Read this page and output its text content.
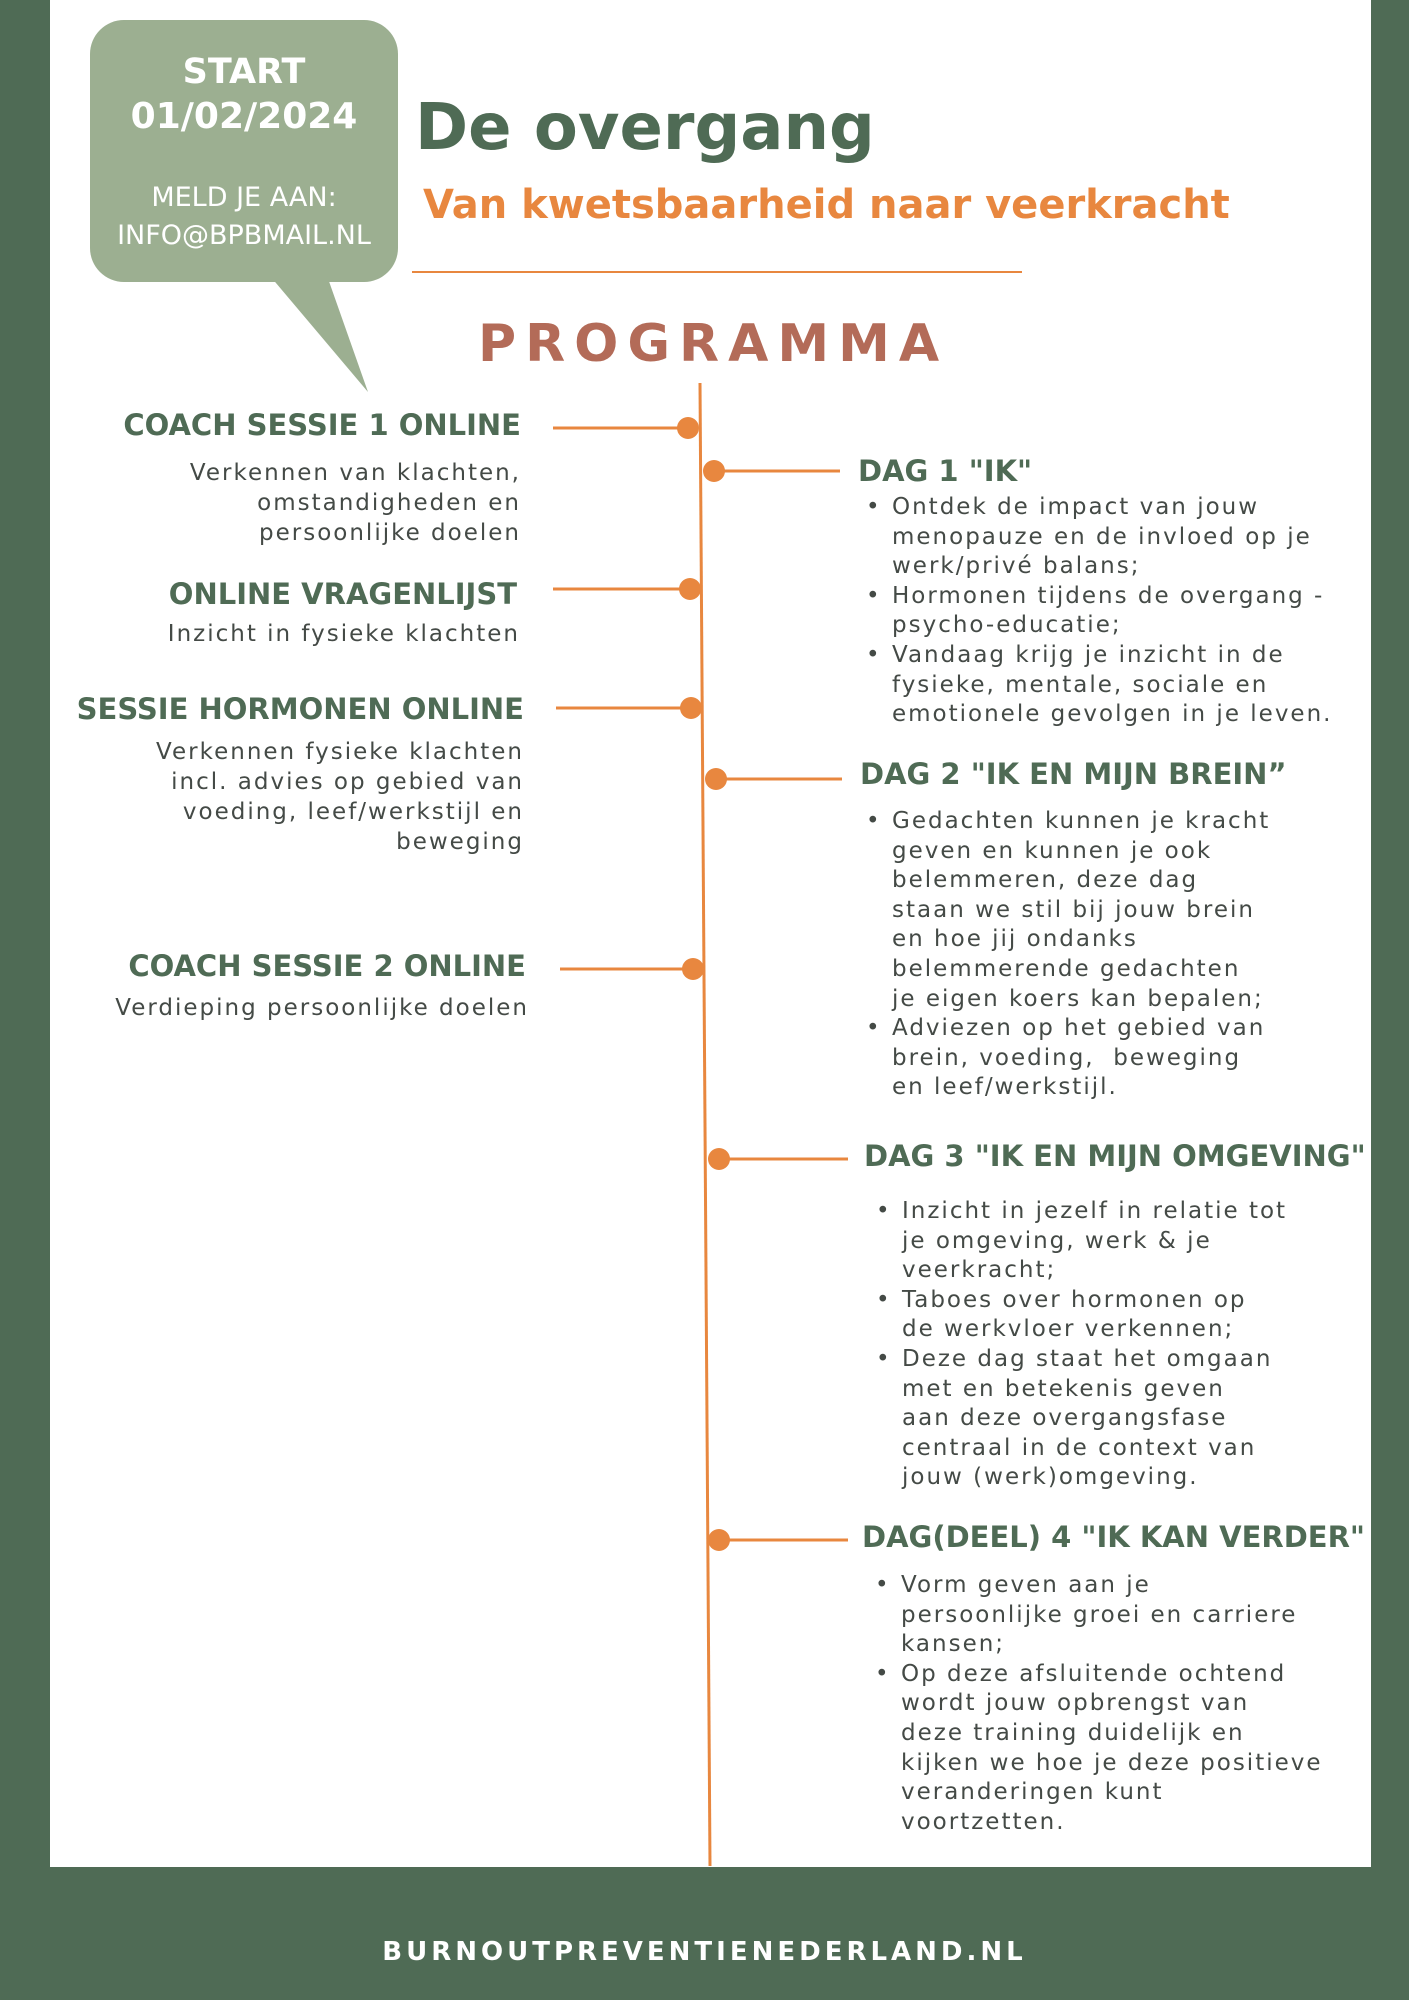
START
01/02/2024
MELD JE AAN:
INFO@BPBMAIL.NL
De overgang
Van kwetsbaarheid naar veerkracht
PROGRAMMA
COACH SESSIE 1 ONLINE
Verkennen van klachten,
omstandigheden en
persoonlijke doelen
ONLINE VRAGENLIJST
Inzicht in fysieke klachten
SESSIE HORMONEN ONLINE
Verkennen fysieke klachten
incl. advies op gebied van
voeding, leef/werkstijl en
beweging
COACH SESSIE 2 ONLINE
Verdieping persoonlijke doelen
DAG 1 "IK"
• Ontdek de impact van jouw
menopauze en de invloed op je
werk/privé balans;
• Hormonen tijdens de overgang -
psycho-educatie;
• Vandaag krijg je inzicht in de
fysieke, mentale, sociale en
emotionele gevolgen in je leven.
DAG 2 "IK EN MIJN BREIN”
• Gedachten kunnen je kracht
geven en kunnen je ook
belemmeren, deze dag
staan we stil bij jouw brein
en hoe jij ondanks
belemmerende gedachten
je eigen koers kan bepalen;
• Adviezen op het gebied van
brein, voeding,  beweging
en leef/werkstijl.
DAG 3 "IK EN MIJN OMGEVING"
• Inzicht in jezelf in relatie tot
je omgeving, werk & je
veerkracht;
• Taboes over hormonen op
de werkvloer verkennen;
• Deze dag staat het omgaan
met en betekenis geven
aan deze overgangsfase
centraal in de context van
jouw (werk)omgeving.
DAG(DEEL) 4 "IK KAN VERDER"
• Vorm geven aan je
persoonlijke groei en carriere
kansen;
• Op deze afsluitende ochtend
wordt jouw opbrengst van
deze training duidelijk en
kijken we hoe je deze positieve
veranderingen kunt
voortzetten.
BURNOUTPREVENTIENEDERLAND.NL
